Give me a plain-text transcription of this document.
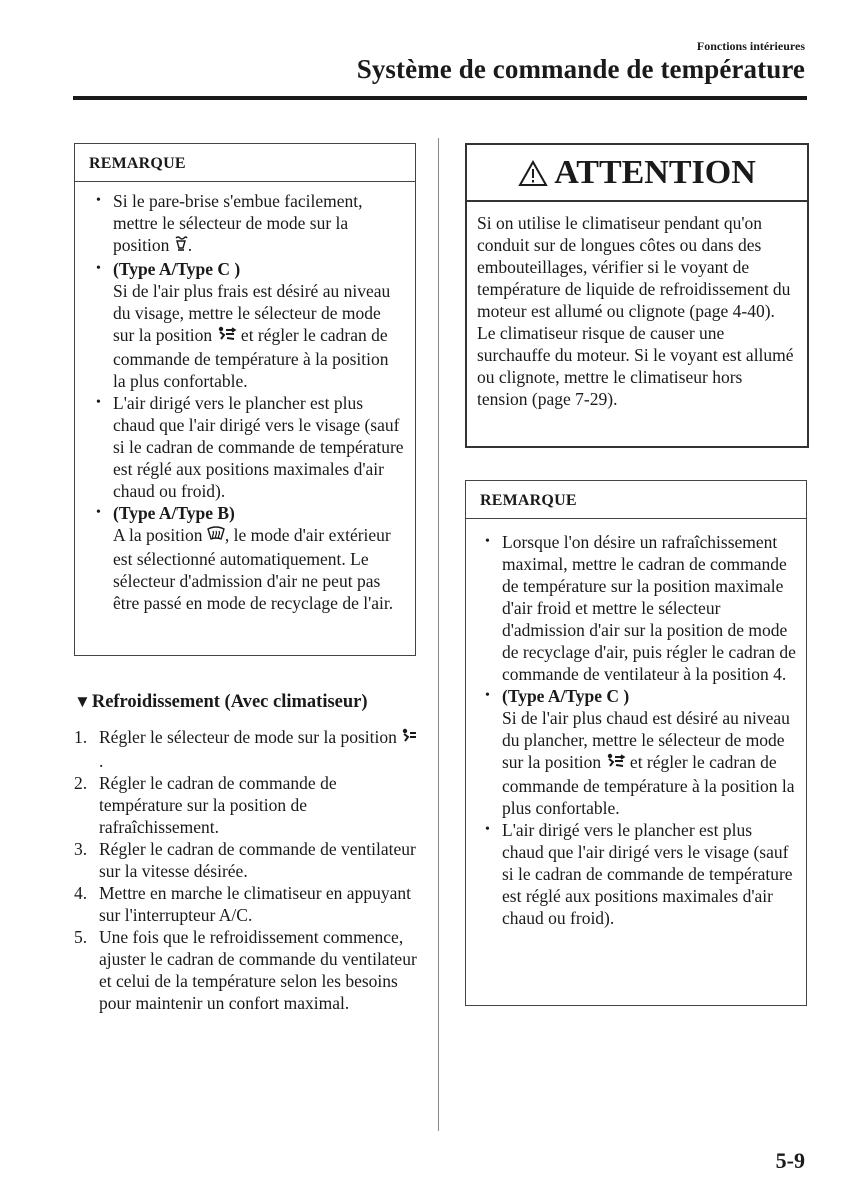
Fonctions intérieures
Système de commande de température
REMARQUE
• Si le pare-brise s'embue facilement, mettre le sélecteur de mode sur la position .
• (Type A/Type C )
Si de l'air plus frais est désiré au niveau du visage, mettre le sélecteur de mode sur la position  et régler le cadran de commande de température à la position la plus confortable.
• L'air dirigé vers le plancher est plus chaud que l'air dirigé vers le visage (sauf si le cadran de commande de température est réglé aux positions maximales d'air chaud ou froid).
• (Type A/Type B)
A la position , le mode d'air extérieur est sélectionné automatiquement. Le sélecteur d'admission d'air ne peut pas être passé en mode de recyclage de l'air.
ATTENTION
Si on utilise le climatiseur pendant qu'on conduit sur de longues côtes ou dans des embouteillages, vérifier si le voyant de température de liquide de refroidissement du moteur est allumé ou clignote (page 4-40).
Le climatiseur risque de causer une surchauffe du moteur. Si le voyant est allumé ou clignote, mettre le climatiseur hors tension (page 7-29).
REMARQUE
• Lorsque l'on désire un rafraîchissement maximal, mettre le cadran de commande de température sur la position maximale d'air froid et mettre le sélecteur d'admission d'air sur la position de mode de recyclage d'air, puis régler le cadran de commande de ventilateur à la position 4.
• (Type A/Type C )
Si de l'air plus chaud est désiré au niveau du plancher, mettre le sélecteur de mode sur la position  et régler le cadran de commande de température à la position la plus confortable.
• L'air dirigé vers le plancher est plus chaud que l'air dirigé vers le visage (sauf si le cadran de commande de température est réglé aux positions maximales d'air chaud ou froid).
▼Refroidissement (Avec climatiseur)
1. Régler le sélecteur de mode sur la position .
2. Régler le cadran de commande de température sur la position de rafraîchissement.
3. Régler le cadran de commande de ventilateur sur la vitesse désirée.
4. Mettre en marche le climatiseur en appuyant sur l'interrupteur A/C.
5. Une fois que le refroidissement commence, ajuster le cadran de commande du ventilateur et celui de la température selon les besoins pour maintenir un confort maximal.
5-9
